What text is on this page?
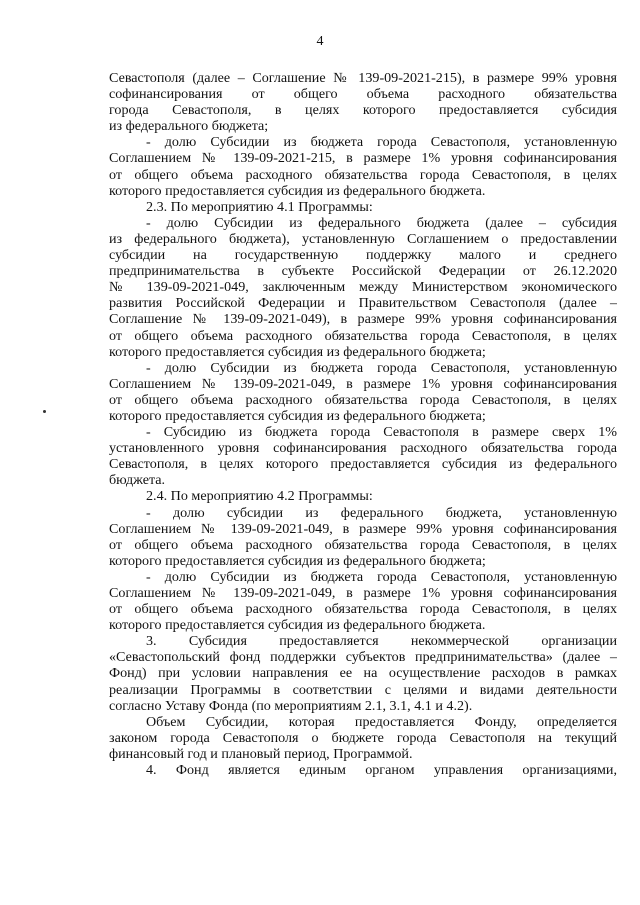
4
Севастополя (далее – Соглашение № 139-09-2021-215), в размере 99% уровня
софинансирования от общего объема расходного обязательства
города Севастополя, в целях которого предоставляется субсидия
из федерального бюджета;
- долю Субсидии из бюджета города Севастополя, установленную
Соглашением № 139-09-2021-215, в размере 1% уровня софинансирования
от общего объема расходного обязательства города Севастополя, в целях
которого предоставляется субсидия из федерального бюджета.
2.3. По мероприятию 4.1 Программы:
- долю Субсидии из федерального бюджета (далее – субсидия
из федерального бюджета), установленную Соглашением о предоставлении
субсидии на государственную поддержку малого и среднего
предпринимательства в субъекте Российской Федерации от 26.12.2020
№ 139-09-2021-049, заключенным между Министерством экономического
развития Российской Федерации и Правительством Севастополя (далее –
Соглашение № 139-09-2021-049), в размере 99% уровня софинансирования
от общего объема расходного обязательства города Севастополя, в целях
которого предоставляется субсидия из федерального бюджета;
- долю Субсидии из бюджета города Севастополя, установленную
Соглашением № 139-09-2021-049, в размере 1% уровня софинансирования
от общего объема расходного обязательства города Севастополя, в целях
которого предоставляется субсидия из федерального бюджета;
- Субсидию из бюджета города Севастополя в размере сверх 1%
установленного уровня софинансирования расходного обязательства города
Севастополя, в целях которого предоставляется субсидия из федерального
бюджета.
2.4. По мероприятию 4.2 Программы:
- долю субсидии из федерального бюджета, установленную
Соглашением № 139-09-2021-049, в размере 99% уровня софинансирования
от общего объема расходного обязательства города Севастополя, в целях
которого предоставляется субсидия из федерального бюджета;
- долю Субсидии из бюджета города Севастополя, установленную
Соглашением № 139-09-2021-049, в размере 1% уровня софинансирования
от общего объема расходного обязательства города Севастополя, в целях
которого предоставляется субсидия из федерального бюджета.
3. Субсидия предоставляется некоммерческой организации
«Севастопольский фонд поддержки субъектов предпринимательства» (далее –
Фонд) при условии направления ее на осуществление расходов в рамках
реализации Программы в соответствии с целями и видами деятельности
согласно Уставу Фонда (по мероприятиям 2.1, 3.1, 4.1 и 4.2).
Объем Субсидии, которая предоставляется Фонду, определяется
законом города Севастополя о бюджете города Севастополя на текущий
финансовый год и плановый период, Программой.
4. Фонд является единым органом управления организациями,
